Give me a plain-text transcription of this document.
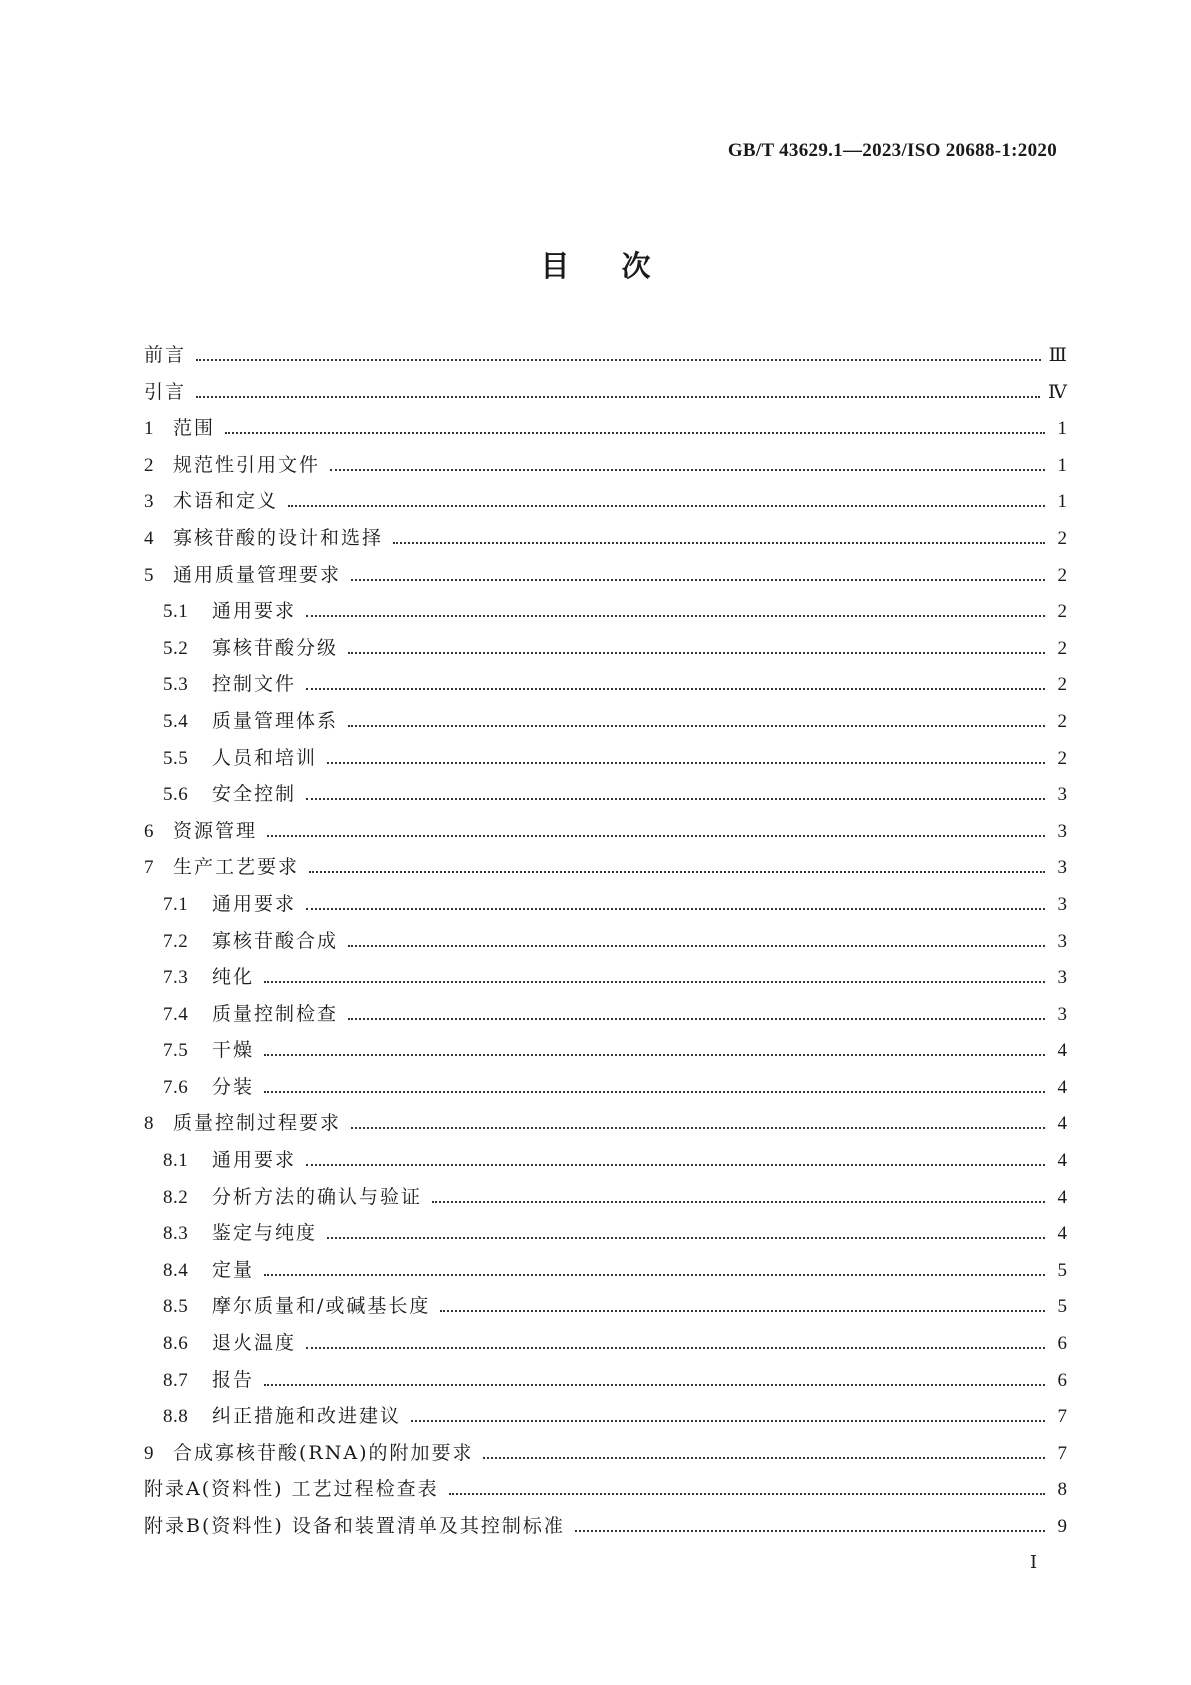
GB/T 43629.1—2023/ISO 20688-1:2020
目次
前言	Ⅲ
引言	Ⅳ
1	范围	1
2	规范性引用文件	1
3	术语和定义	1
4	寡核苷酸的设计和选择	2
5	通用质量管理要求	2
5.1	通用要求	2
5.2	寡核苷酸分级	2
5.3	控制文件	2
5.4	质量管理体系	2
5.5	人员和培训	2
5.6	安全控制	3
6	资源管理	3
7	生产工艺要求	3
7.1	通用要求	3
7.2	寡核苷酸合成	3
7.3	纯化	3
7.4	质量控制检查	3
7.5	干燥	4
7.6	分装	4
8	质量控制过程要求	4
8.1	通用要求	4
8.2	分析方法的确认与验证	4
8.3	鉴定与纯度	4
8.4	定量	5
8.5	摩尔质量和/或碱基长度	5
8.6	退火温度	6
8.7	报告	6
8.8	纠正措施和改进建议	7
9	合成寡核苷酸(RNA)的附加要求	7
附录A(资料性) 工艺过程检查表	8
附录B(资料性) 设备和装置清单及其控制标准	9
Ⅰ
